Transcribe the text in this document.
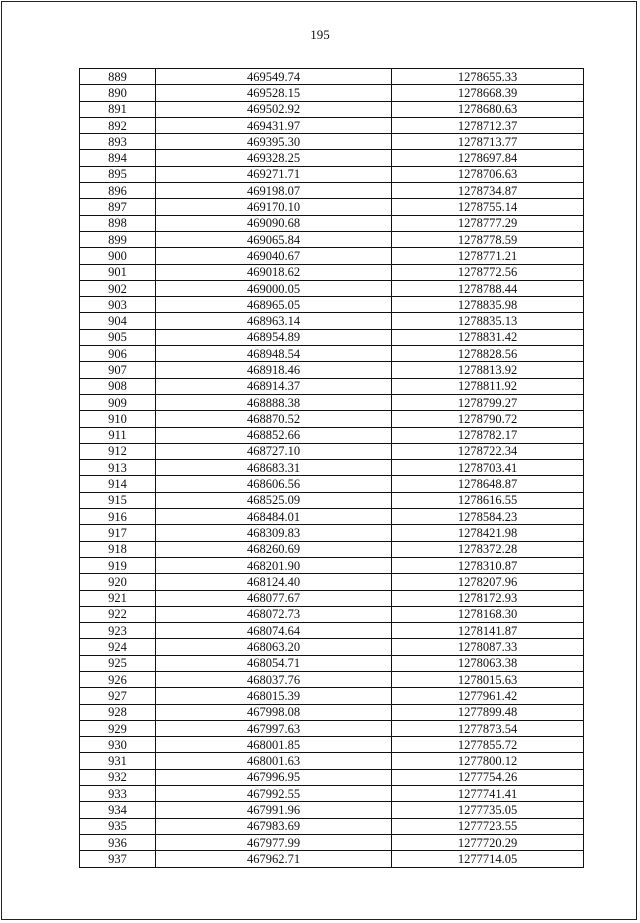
195
889	469549.74	1278655.33
890	469528.15	1278668.39
891	469502.92	1278680.63
892	469431.97	1278712.37
893	469395.30	1278713.77
894	469328.25	1278697.84
895	469271.71	1278706.63
896	469198.07	1278734.87
897	469170.10	1278755.14
898	469090.68	1278777.29
899	469065.84	1278778.59
900	469040.67	1278771.21
901	469018.62	1278772.56
902	469000.05	1278788.44
903	468965.05	1278835.98
904	468963.14	1278835.13
905	468954.89	1278831.42
906	468948.54	1278828.56
907	468918.46	1278813.92
908	468914.37	1278811.92
909	468888.38	1278799.27
910	468870.52	1278790.72
911	468852.66	1278782.17
912	468727.10	1278722.34
913	468683.31	1278703.41
914	468606.56	1278648.87
915	468525.09	1278616.55
916	468484.01	1278584.23
917	468309.83	1278421.98
918	468260.69	1278372.28
919	468201.90	1278310.87
920	468124.40	1278207.96
921	468077.67	1278172.93
922	468072.73	1278168.30
923	468074.64	1278141.87
924	468063.20	1278087.33
925	468054.71	1278063.38
926	468037.76	1278015.63
927	468015.39	1277961.42
928	467998.08	1277899.48
929	467997.63	1277873.54
930	468001.85	1277855.72
931	468001.63	1277800.12
932	467996.95	1277754.26
933	467992.55	1277741.41
934	467991.96	1277735.05
935	467983.69	1277723.55
936	467977.99	1277720.29
937	467962.71	1277714.05
